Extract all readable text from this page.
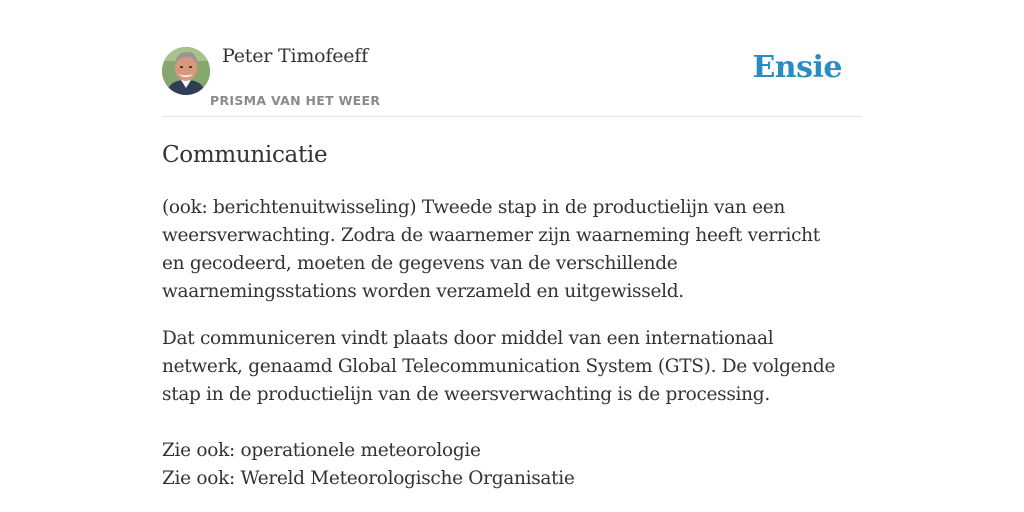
Peter Timofeeff
PRISMA VAN HET WEER
Ensie
Communicatie

(ook: berichtenuitwisseling) Tweede stap in de productielijn van een weersverwachting. Zodra de waarnemer zijn waarneming heeft verricht en gecodeerd, moeten de gegevens van de verschillende waarnemingsstations worden verzameld en uitgewisseld.

Dat communiceren vindt plaats door middel van een internationaal netwerk, genaamd Global Telecommunication System (GTS). De volgende stap in de productielijn van de weersverwachting is de processing.

Zie ook: operationele meteorologie
Zie ook: Wereld Meteorologische Organisatie
